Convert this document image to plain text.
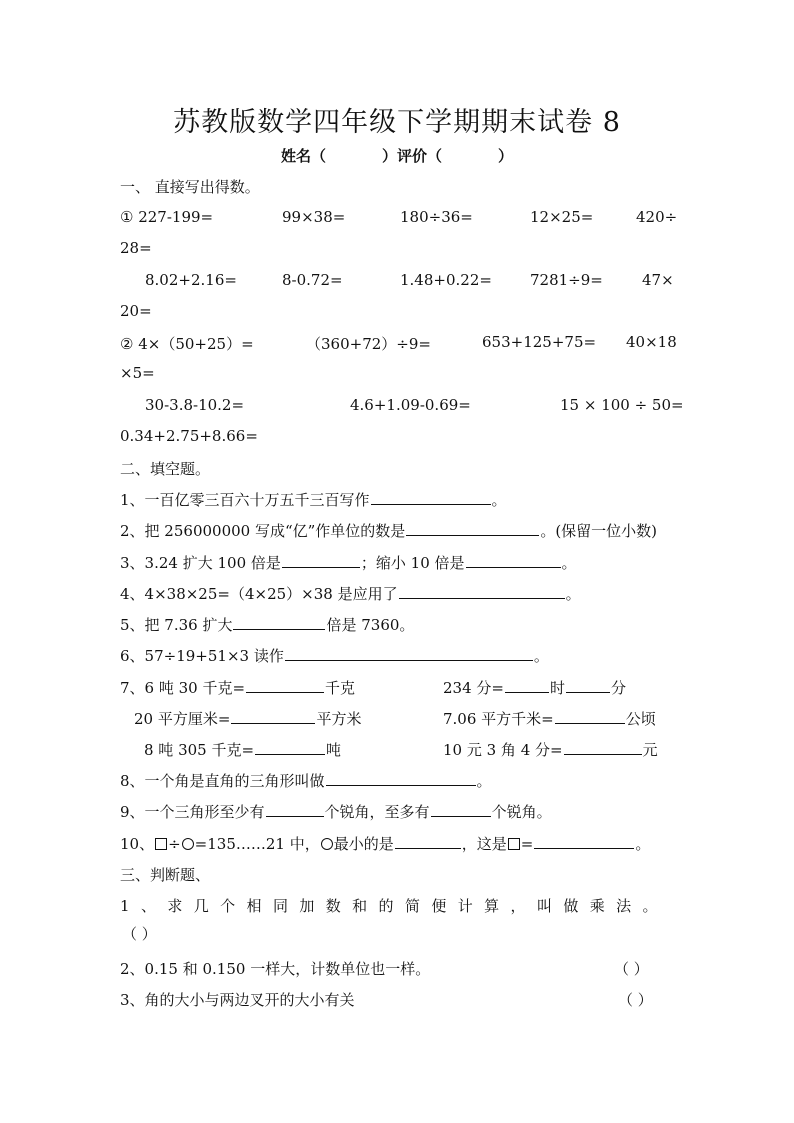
苏教版数学四年级下学期期末试卷 8
姓名（	）评价（	）
一、 直接写出得数。
① 227-199=	99×38=	180÷36=	12×25=	420÷
28=
8.02+2.16=	8-0.72=	1.48+0.22=	7281÷9=	47×
20=
② 4×（50+25）=	（360+72）÷9=	653+125+75= 40×18
×5=
30-3.8-10.2=	4.6+1.09-0.69=	15 × 100 ÷ 50=
0.34+2.75+8.66=
二、填空题。
1、一百亿零三百六十万五千三百写作	。
2、把 256000000 写成“亿”作单位的数是	。(保留一位小数)
3、3.24 扩大 100 倍是	；缩小 10 倍是	。
4、4×38×25=（4×25）×38 是应用了	。
5、把 7.36 扩大	倍是 7360。
6、57÷19+51×3 读作	。
7、6 吨 30 千克=	千克	234 分=	时	分
20 平方厘米=	平方米	7.06 平方千米=	公顷
8 吨 305 千克=	吨	10 元 3 角 4 分=	元
8、一个角是直角的三角形叫做	。
9、一个三角形至少有	个锐角，至多有	个锐角。
10、 ÷ =135……21 中， 最小的是	，这是 =	。
三、判断题、
1、求几个相同加数和的简便计算，叫做乘法。
（ ）
2、0.15 和 0.150 一样大，计数单位也一样。	（ ）
3、角的大小与两边叉开的大小有关	（ ）
